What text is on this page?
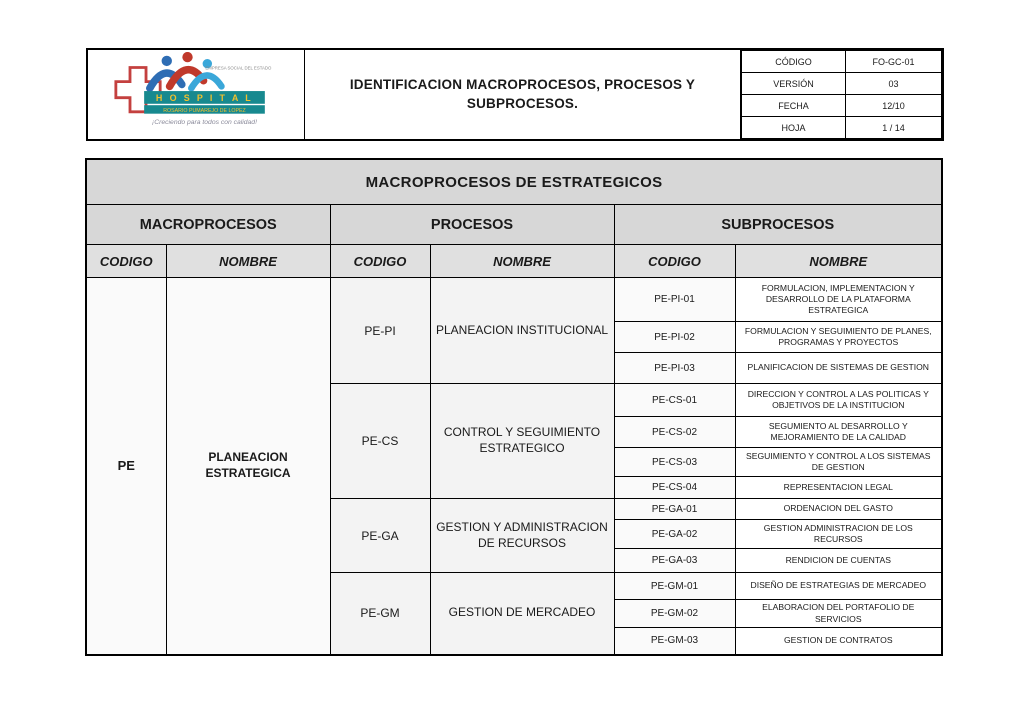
EMPRESA SOCIAL DEL ESTADO
H O S P I T A L
ROSARIO PUMAREJO DE LOPEZ
¡Creciendo para todos con calidad!

IDENTIFICACION MACROPROCESOS, PROCESOS Y SUBPROCESOS.

CÓDIGO	FO-GC-01
VERSIÓN	03
FECHA	12/10
HOJA	1 / 14
MACROPROCESOS DE ESTRATEGICOS					
MACROPROCESOS		PROCESOS		SUBPROCESOS	
CODIGO	NOMBRE	CODIGO	NOMBRE	CODIGO	NOMBRE
PE	PLANEACION ESTRATEGICA	PE-PI	PLANEACION INSTITUCIONAL	PE-PI-01	FORMULACION, IMPLEMENTACION Y DESARROLLO DE LA PLATAFORMA ESTRATEGICA
				PE-PI-02	FORMULACION Y SEGUIMIENTO DE PLANES, PROGRAMAS Y PROYECTOS
				PE-PI-03	PLANIFICACION DE SISTEMAS DE GESTION
		PE-CS	CONTROL Y SEGUIMIENTO ESTRATEGICO	PE-CS-01	DIRECCION Y CONTROL A LAS POLITICAS Y OBJETIVOS DE LA INSTITUCION
				PE-CS-02	SEGUMIENTO AL DESARROLLO Y MEJORAMIENTO DE LA CALIDAD
				PE-CS-03	SEGUIMIENTO Y CONTROL A LOS SISTEMAS DE GESTION
				PE-CS-04	REPRESENTACION LEGAL
		PE-GA	GESTION Y ADMINISTRACION DE RECURSOS	PE-GA-01	ORDENACION DEL GASTO
				PE-GA-02	GESTION ADMINISTRACION DE LOS RECURSOS
				PE-GA-03	RENDICION DE CUENTAS
		PE-GM	GESTION DE MERCADEO	PE-GM-01	DISEÑO DE ESTRATEGIAS DE MERCADEO
				PE-GM-02	ELABORACION DEL PORTAFOLIO DE SERVICIOS
				PE-GM-03	GESTION DE CONTRATOS
